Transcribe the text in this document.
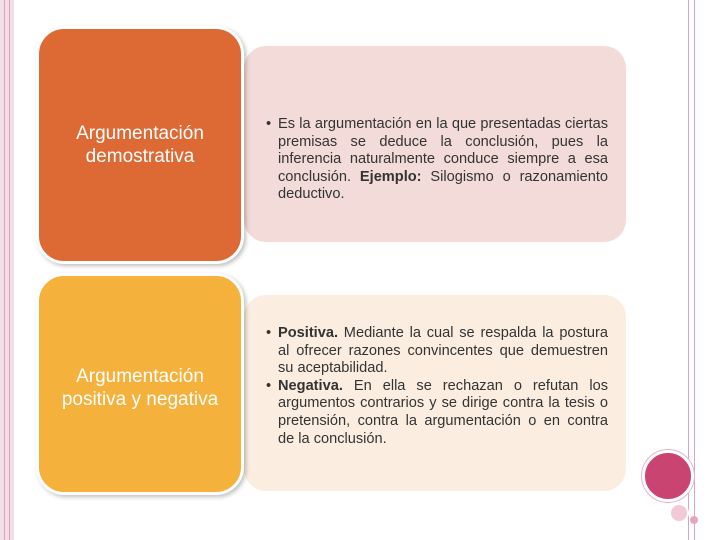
• Es la argumentación en la que presentadas ciertas premisas se deduce la conclusión, pues la inferencia naturalmente conduce siempre a esa conclusión. Ejemplo: Silogismo o razonamiento deductivo.
Argumentación demostrativa
• Positiva. Mediante la cual se respalda la postura al ofrecer razones convincentes que demuestren su aceptabilidad.
• Negativa. En ella se rechazan o refutan los argumentos contrarios y se dirige contra la tesis o pretensión, contra la argumentación o en contra de la conclusión.
Argumentación positiva y negativa
